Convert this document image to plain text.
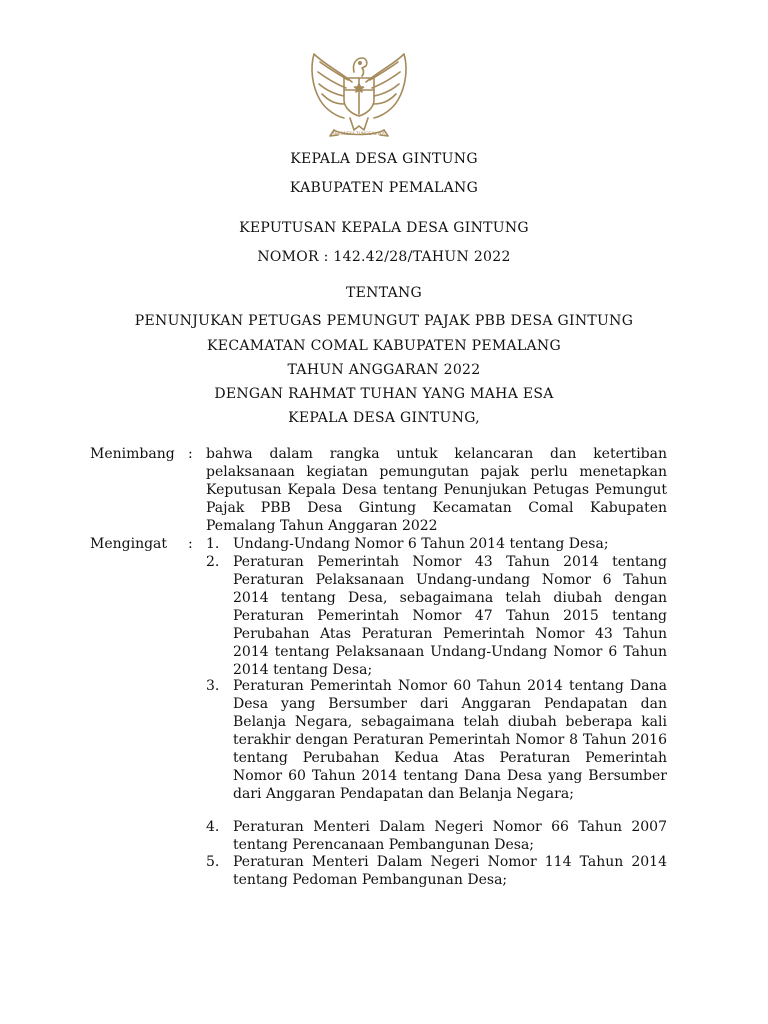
BHINNEKA TUNGGAL IKA
KEPALA DESA GINTUNG
KABUPATEN PEMALANG
KEPUTUSAN KEPALA DESA GINTUNG
NOMOR : 142.42/28/TAHUN 2022
TENTANG
PENUNJUKAN PETUGAS PEMUNGUT PAJAK PBB DESA GINTUNG
KECAMATAN COMAL KABUPATEN PEMALANG
TAHUN ANGGARAN 2022
DENGAN RAHMAT TUHAN YANG MAHA ESA
KEPALA DESA GINTUNG,
Menimbang : bahwa dalam rangka untuk kelancaran dan ketertiban pelaksanaan kegiatan pemungutan pajak perlu menetapkan Keputusan Kepala Desa tentang Penunjukan Petugas Pemungut Pajak PBB Desa Gintung Kecamatan Comal Kabupaten Pemalang Tahun Anggaran 2022
Mengingat : 1. Undang-Undang Nomor 6 Tahun 2014 tentang Desa;
2. Peraturan Pemerintah Nomor 43 Tahun 2014 tentang Peraturan Pelaksanaan Undang-undang Nomor 6 Tahun 2014 tentang Desa, sebagaimana telah diubah dengan Peraturan Pemerintah Nomor 47 Tahun 2015 tentang Perubahan Atas Peraturan Pemerintah Nomor 43 Tahun 2014 tentang Pelaksanaan Undang-Undang Nomor 6 Tahun 2014 tentang Desa;
3. Peraturan Pemerintah Nomor 60 Tahun 2014 tentang Dana Desa yang Bersumber dari Anggaran Pendapatan dan Belanja Negara, sebagaimana telah diubah beberapa kali terakhir dengan Peraturan Pemerintah Nomor 8 Tahun 2016 tentang Perubahan Kedua Atas Peraturan Pemerintah Nomor 60 Tahun 2014 tentang Dana Desa yang Bersumber dari Anggaran Pendapatan dan Belanja Negara;
4. Peraturan Menteri Dalam Negeri Nomor 66 Tahun 2007 tentang Perencanaan Pembangunan Desa;
5. Peraturan Menteri Dalam Negeri Nomor 114 Tahun 2014 tentang Pedoman Pembangunan Desa;
